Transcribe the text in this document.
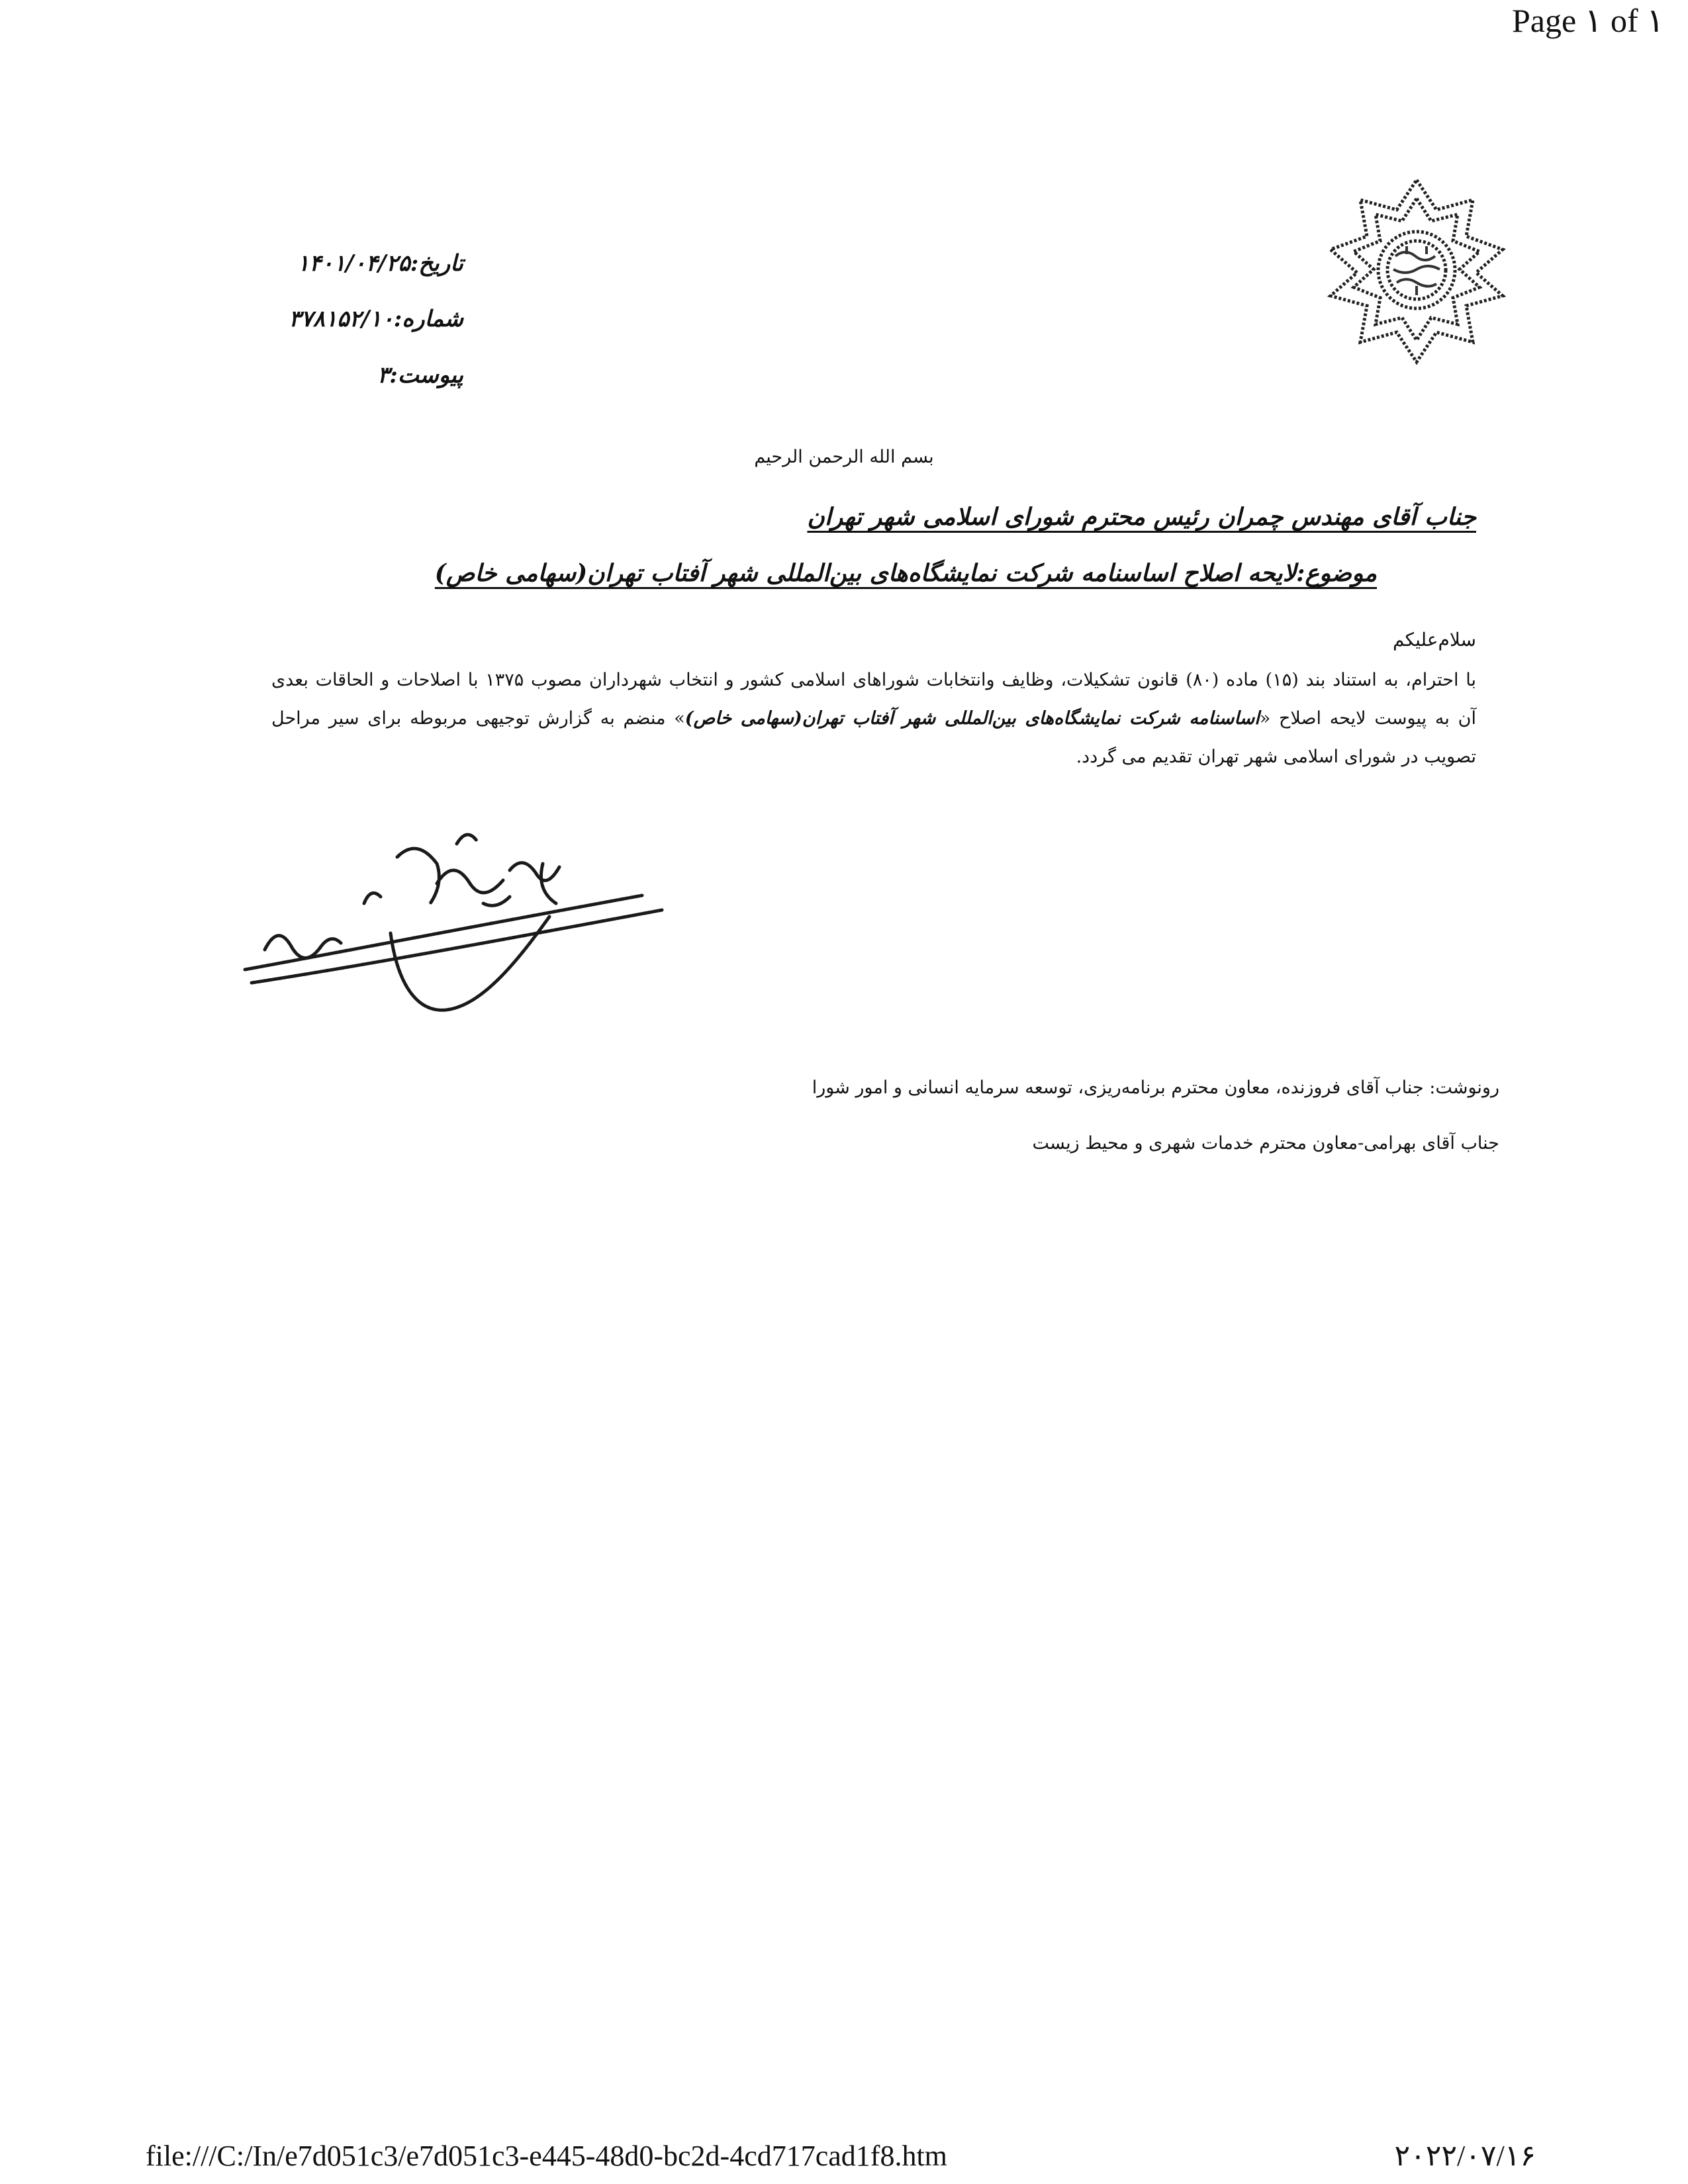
Page ۱ of ۱
تاریخ:۱۴۰۱/۰۴/۲۵
شماره:۳۷۸۱۵۲/۱۰
پیوست:۳
بسم الله الرحمن الرحیم
جناب آقای مهندس چمران رئیس محترم شورای اسلامی شهر تهران
موضوع:لایحه اصلاح اساسنامه شرکت نمایشگاه‌های بین‌المللی شهر آفتاب تهران(سهامی خاص)
سلام‌علیکم
با احترام، به استناد بند (۱۵) ماده (۸۰) قانون تشکیلات، وظایف وانتخابات شوراهای اسلامی کشور و انتخاب شهرداران مصوب ۱۳۷۵ با اصلاحات و الحاقات بعدی
آن به پیوست لایحه اصلاح «اساسنامه شرکت نمایشگاه‌های بین‌المللی شهر آفتاب تهران(سهامی خاص)» منضم به گزارش توجیهی مربوطه برای سیر مراحل
تصویب در شورای اسلامی شهر تهران تقدیم می گردد.
رونوشت: جناب آقای فروزنده، معاون محترم برنامه‌ریزی، توسعه سرمایه انسانی و امور شورا
جناب آقای بهرامی-معاون محترم خدمات شهری و محیط زیست
file:///C:/In/e7d051c3/e7d051c3-e445-48d0-bc2d-4cd717cad1f8.htm	۲۰۲۲/۰۷/۱۶
